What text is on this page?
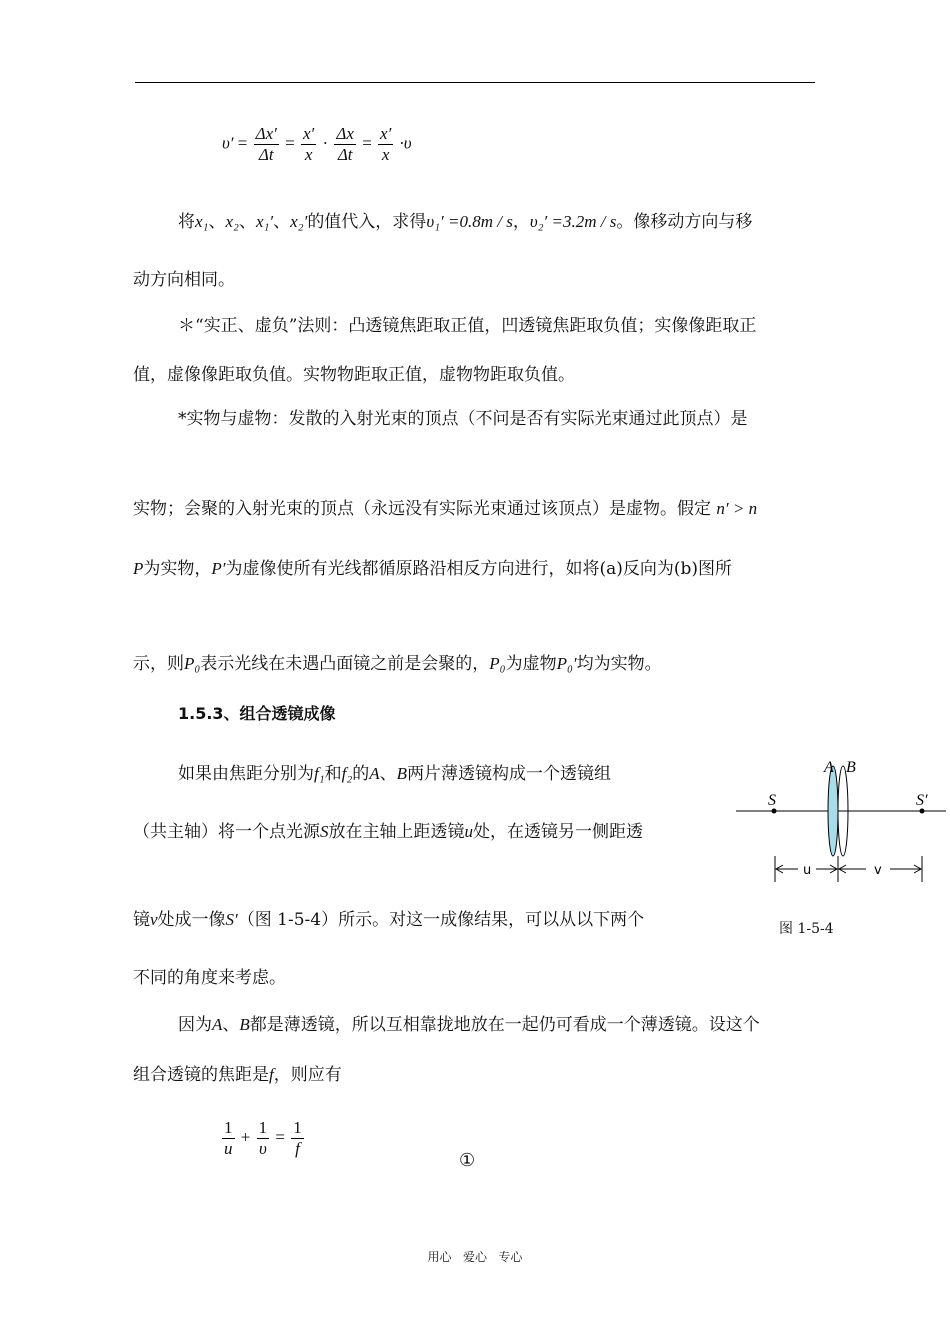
$\upsilon' = \frac{\Delta x'}{\Delta t} = \frac{x'}{x} \cdot \frac{\Delta x}{\Delta t} = \frac{x'}{x} \cdot\upsilon$
将x₁、x₂、x₁′、x₂′的值代入，求得υ₁′ =0.8m / s，υ₂′ =3.2m / s。像移动方向与移
动方向相同。
＊“实正、虚负”法则：凸透镜焦距取正值，凹透镜焦距取负值；实像像距取正
值，虚像像距取负值。实物物距取正值，虚物物距取负值。
*实物与虚物：发散的入射光束的顶点（不问是否有实际光束通过此顶点）是
实物；会聚的入射光束的顶点（永远没有实际光束通过该顶点）是虚物。假定 n′ > n
P为实物，P′为虚像使所有光线都循原路沿相反方向进行，如将(a)反向为(b)图所
示，则P₀表示光线在未遇凸面镜之前是会聚的，P₀为虚物P₀′均为实物。
1.5.3、组合透镜成像
如果由焦距分别为f₁和f₂的A、B两片薄透镜构成一个透镜组
（共主轴）将一个点光源S放在主轴上距透镜u处，在透镜另一侧距透
镜v处成一像S′（图 1-5-4）所示。对这一成像结果，可以从以下两个
不同的角度来考虑。
因为A、B都是薄透镜，所以互相靠拢地放在一起仍可看成一个薄透镜。设这个
组合透镜的焦距是f，则应有
$\frac{1}{u} + \frac{1}{\upsilon} = \frac{1}{f}$
①
A B
S	S′
u	v
图 1-5-4
用心   爱心   专心
